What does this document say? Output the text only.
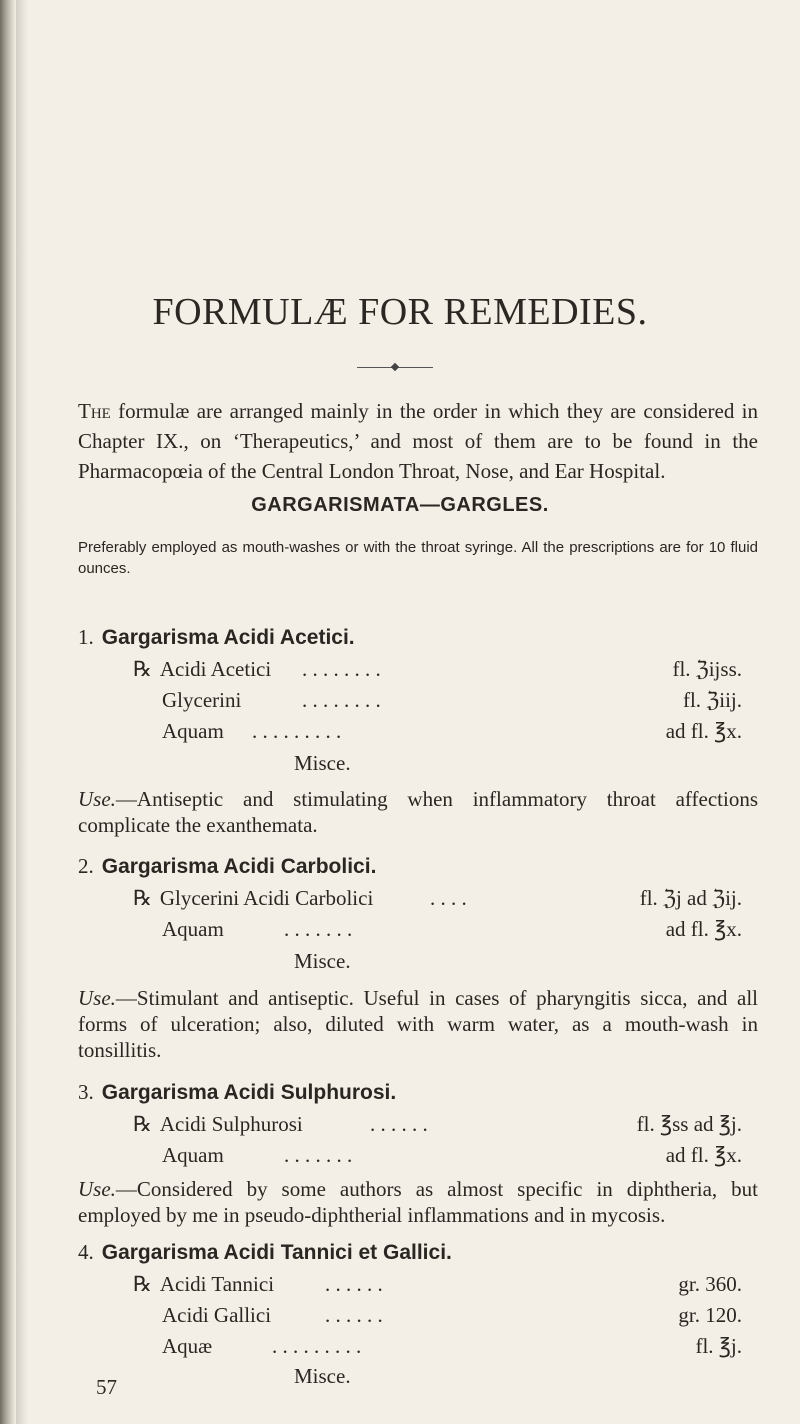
FORMULÆ FOR REMEDIES.

The formulæ are arranged mainly in the order in which they are considered in Chapter IX., on ‘Therapeutics,’ and most of them are to be found in the Pharmacopœia of the Central London Throat, Nose, and Ear Hospital.

GARGARISMATA—GARGLES.

Preferably employed as mouth-washes or with the throat syringe. All the prescriptions are for 10 fluid ounces.

1. Gargarisma Acidi Acetici.
℞ Acidi Acetici . . . . . . . .	fl. ℨijss.
Glycerini	. . . . . . . .	fl. ℨiij.
Aquam . . . . . . . . .	ad fl. ℥x.

Misce.

Use.—Antiseptic and stimulating when inflammatory throat affections complicate the exanthemata.

2. Gargarisma Acidi Carbolici.
℞ Glycerini Acidi Carbolici	. . . .	fl. ℨj ad ℨij.
Aquam	. . . . . . .	ad fl. ℥x.

Misce.

Use.—Stimulant and antiseptic. Useful in cases of pharyngitis sicca, and all forms of ulceration; also, diluted with warm water, as a mouth-wash in tonsillitis.

3. Gargarisma Acidi Sulphurosi.
℞ Acidi Sulphurosi	. . . . . .	fl. ℥ss ad ℥j.
Aquam	. . . . . . .	ad fl. ℥x.

Use.—Considered by some authors as almost specific in diphtheria, but employed by me in pseudo-diphtherial inflammations and in mycosis.

4. Gargarisma Acidi Tannici et Gallici.
℞ Acidi Tannici . . . . . .	gr. 360.
Acidi Gallici	. . . . . .	gr. 120.
Aquæ	. . . . . . . . .	fl. ℥j.

Misce.

57
